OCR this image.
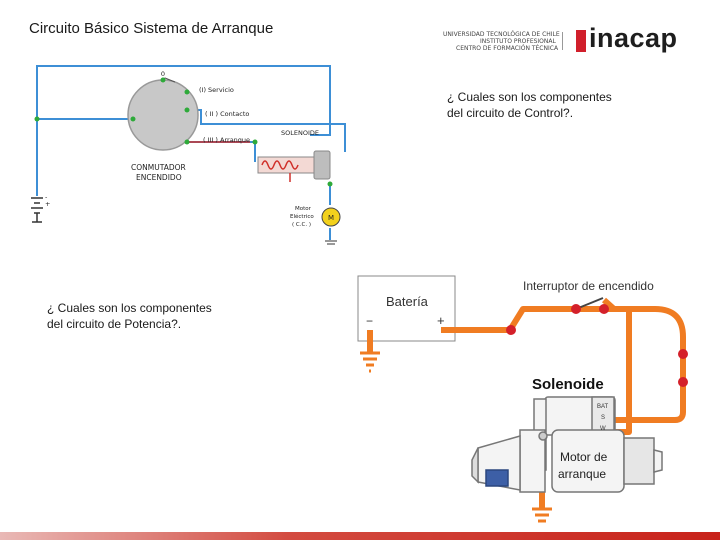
Circuito Básico Sistema de Arranque	UNIVERSIDAD TECNOLÓGICA DE CHILE
INSTITUTO PROFESIONAL
CENTRO DE FORMACIÓN TÉCNICA inacap
¿ Cuales son los componentes
del circuito de Control?.
¿ Cuales son los componentes
del circuito de Potencia?.
M
0
(I) Servicio
( II ) Contacto
( III ) Arranque
SOLENOIDE
CONMUTADOR
ENCENDIDO
Motor
Eléctrico
( C.C. )
-
+
Batería
−	+
Interruptor de encendido
Solenoide
BAT
S
W
Motor de
arranque
